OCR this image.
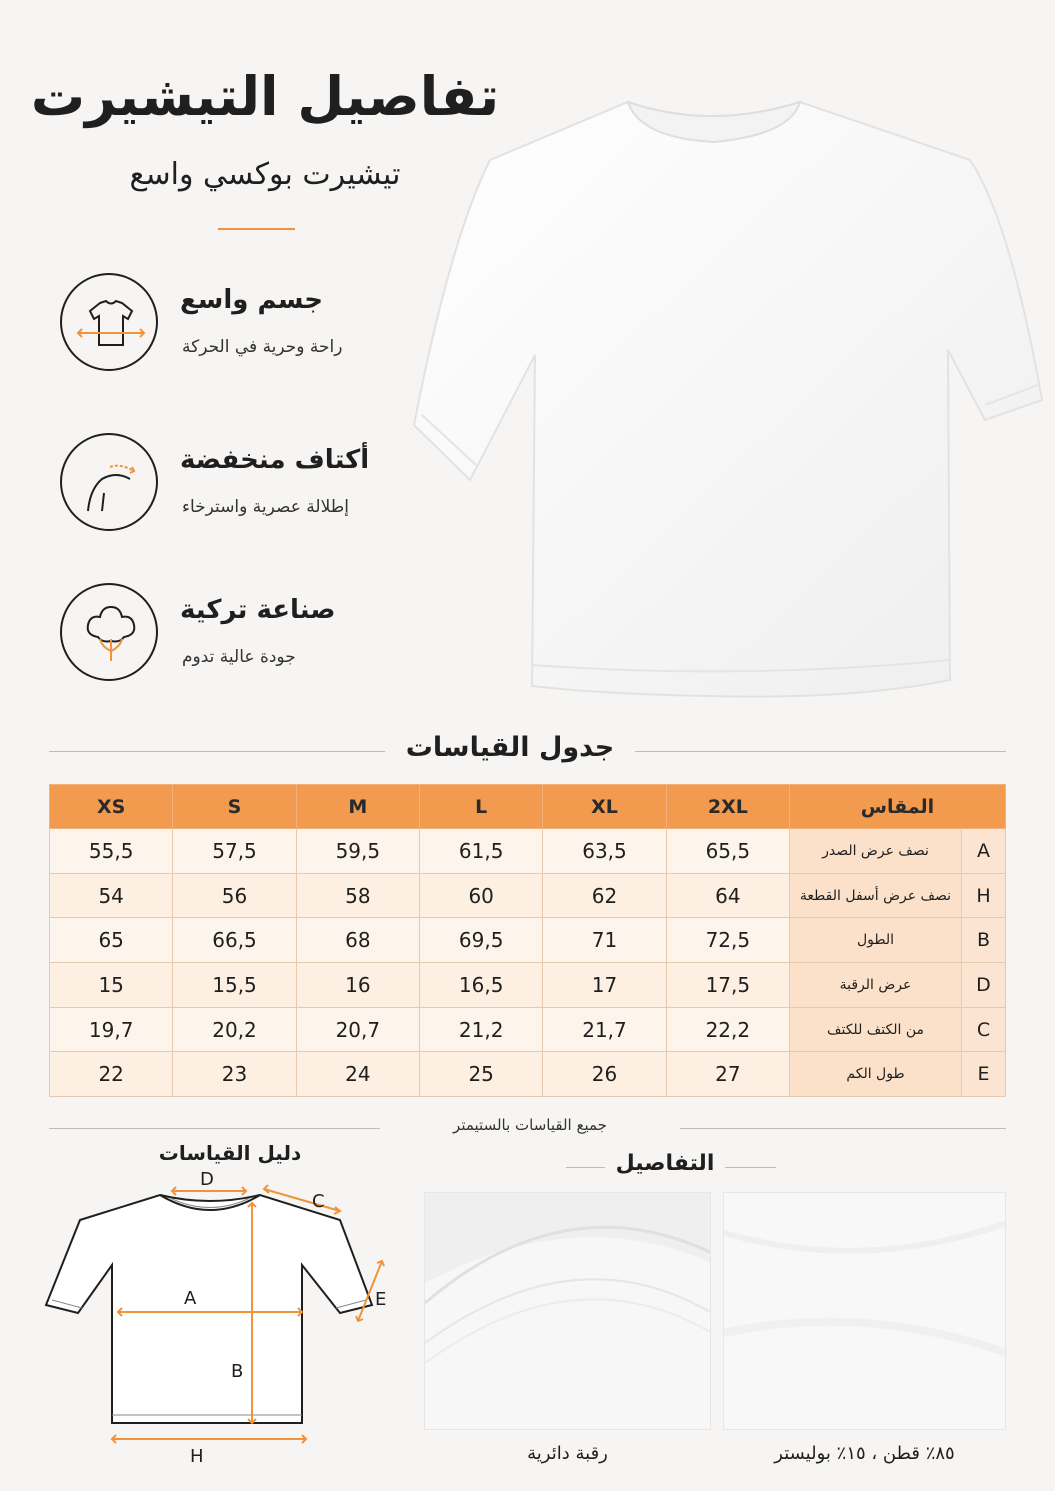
تفاصيل التيشيرت
تيشيرت بوكسي واسع
جسم واسع
راحة وحرية في الحركة
أكتاف منخفضة
إطلالة عصرية واسترخاء
صناعة تركية
جودة عالية تدوم
جدول القياسات
المقاس		2XL	XL	L	M	S	XS
A	نصف عرض الصدر	65,5	63,5	61,5	59,5	57,5	55,5
H	نصف عرض أسفل القطعة	64	62	60	58	56	54
B	الطول	72,5	71	69,5	68	66,5	65
D	عرض الرقبة	17,5	17	16,5	16	15,5	15
C	من الكتف للكتف	22,2	21,7	21,2	20,7	20,2	19,7
E	طول الكم	27	26	25	24	23	22
جميع القياسات بالستيمتر
دليل القياسات
D
C
E
A
B
H
التفاصيل
رقبة دائرية	٨٥٪ قطن ، ١٥٪ بوليستر
